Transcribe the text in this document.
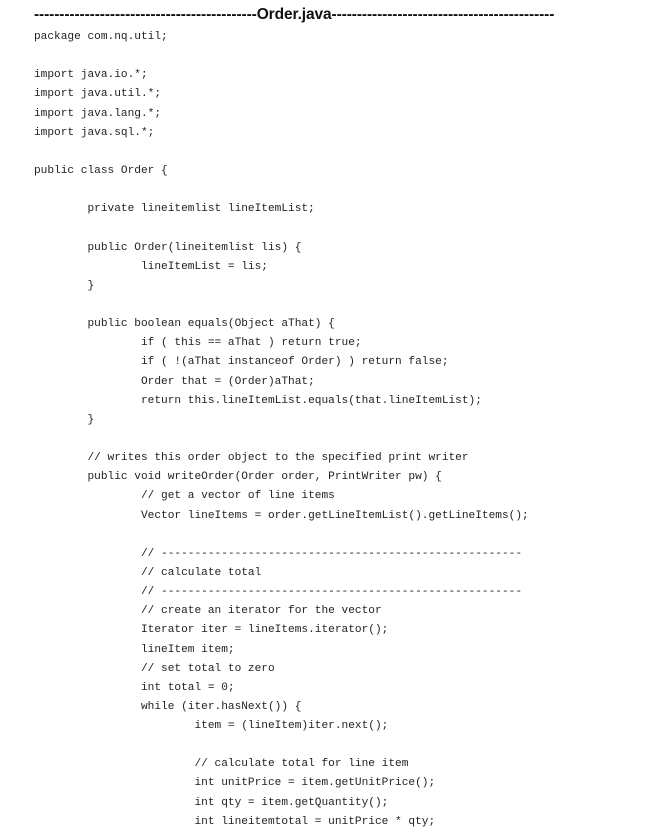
--------------------------------------------Order.java--------------------------------------------
package com.nq.util;
import java.io.*;
import java.util.*;
import java.lang.*;
import java.sql.*;
public class Order {
private lineitemlist lineItemList;
public Order(lineitemlist lis) {
lineItemList = lis;
}
public boolean equals(Object aThat) {
if ( this == aThat ) return true;
if ( !(aThat instanceof Order) ) return false;
Order that = (Order)aThat;
return this.lineItemList.equals(that.lineItemList);
}
// writes this order object to the specified print writer
public void writeOrder(Order order, PrintWriter pw) {
// get a vector of line items
Vector lineItems = order.getLineItemList().getLineItems();
// ------------------------------------------------------
// calculate total
// ------------------------------------------------------
// create an iterator for the vector
Iterator iter = lineItems.iterator();
lineItem item;
// set total to zero
int total = 0;
while (iter.hasNext()) {
item = (lineItem)iter.next();
// calculate total for line item
int unitPrice = item.getUnitPrice();
int qty = item.getQuantity();
int lineitemtotal = unitPrice * qty;
